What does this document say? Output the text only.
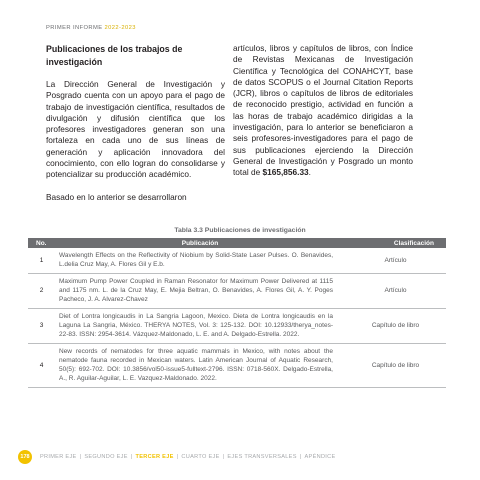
PRIMER INFORME 2022-2023

Publicaciones de los trabajos de investigación

La Dirección General de Investigación y Posgrado cuenta con un apoyo para el pago de trabajo de investigación científica, resultados de divulgación y difusión científica que los profesores investigadores generan son una fortaleza en cada uno de sus líneas de generación y aplicación innovadora del conocimiento, con ello logran do consolidarse y potencializar su producción académico.

Basado en lo anterior se desarrollaron

artículos, libros y capítulos de libros, con Índice de Revistas Mexicanas de Investigación Científica y Tecnológica del CONAHCYT, base de datos SCOPUS o el Journal Citation Reports (JCR), libros o capítulos de libros de editoriales de reconocido prestigio, actividad en función a las horas de trabajo académico dirigidas a la investigación, para lo anterior se beneficiaron a seis profesores-investigadores para el pago de sus publicaciones ejerciendo la Dirección General de Investigación y Posgrado un monto total de $165,856.33.

Tabla 3.3 Publicaciones de investigación
No.	Publicación	Clasificación
1	Wavelength Effects on the Reflectivity of Niobium by Solid-State Laser Pulses. O. Benavides, L.delia Cruz May, A. Flores Gil y E.b.	Artículo
2	Maximum Pump Power Coupled in Raman Resonator for Maximum Power Delivered at 1115 and 1175 nm. L. de la Cruz May, E. Mejia Beltran, O. Benavides, A. Flores Gil, A. Y. Poges Pacheco, J. A. Alvarez-Chavez	Artículo
3	Diet of Lontra longicaudis in La Sangria Lagoon, Mexico. Dieta de Lontra longicaudis en la Laguna La Sangria, México. THERYA NOTES, Vol. 3: 125-132. DOI: 10.12933/therya_notes-22-83. ISSN: 2954-3614. Vázquez-Maldonado, L. E. and A. Delgado-Estrella. 2022.	Capítulo de libro
4	New records of nematodes for three aquatic mammals in Mexico, with notes about the nematode fauna recorded in Mexican waters. Latin American Journal of Aquatic Research, 50(5): 692-702. DOI: 10.3856/vol50-issue5-fulltext-2796. ISSN: 0718-560X. Delgado-Estrella, A., R. Aguilar-Aguilar, L. E. Vazquez-Maldonado. 2022.	Capítulo de libro
178	PRIMER EJE | SEGUNDO EJE | TERCER EJE | CUARTO EJE | EJES TRANSVERSALES | APÉNDICE
